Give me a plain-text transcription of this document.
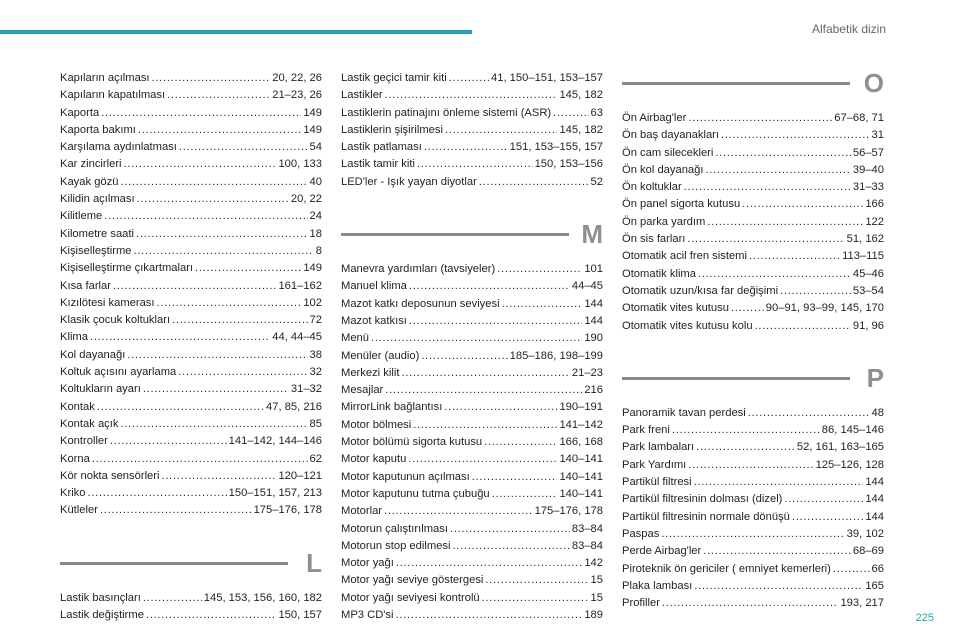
Alfabetik dizin
Kapıların açılması . . .	20, 22, 26
Kapıların kapatılması . . .	21–23, 26
Kaporta . . .	149
Kaporta bakımı . . .	149
Karşılama aydınlatması . . .	54
Kar zincirleri . . .	100, 133
Kayak gözü . . .	40
Kilidin açılması . . .	20, 22
Kilitleme . . .	24
Kilometre saati . . .	18
Kişiselleştirme . . .	8
Kişiselleştirme çıkartmaları . . .	149
Kısa farlar . . .	161–162
Kızılötesi kamerası . . .	102
Klasik çocuk koltukları . . .	72
Klima . . .	44, 44–45
Kol dayanağı . . .	38
Koltuk açısını ayarlama . . .	32
Koltukların ayarı . . .	31–32
Kontak . . .	47, 85, 216
Kontak açık . . .	85
Kontroller . . .	141–142, 144–146
Korna . . .	62
Kör nokta sensörleri . . .	120–121
Kriko . . .	150–151, 157, 213
Kütleler . . .	175–176, 178
L
Lastik basınçları . . .	145, 153, 156, 160, 182
Lastik değiştirme . . .	150, 157
Lastik geçici tamir kiti . . .	41, 150–151, 153–157
Lastikler . . .	145, 182
Lastiklerin patinajını önleme sistemi (ASR) . . .	63
Lastiklerin şişirilmesi . . .	145, 182
Lastik patlaması . . .	151, 153–155, 157
Lastik tamir kiti . . .	150, 153–156
LED'ler - Işık yayan diyotlar . . .	52
M
Manevra yardımları (tavsiyeler) . . .	101
Manuel klima . . .	44–45
Mazot katkı deposunun seviyesi . . .	144
Mazot katkısı . . .	144
Menü . . .	190
Menüler (audio) . . .	185–186, 198–199
Merkezi kilit . . .	21–23
Mesajlar . . .	216
MirrorLink bağlantısı . . .	190–191
Motor bölmesi . . .	141–142
Motor bölümü sigorta kutusu . . .	166, 168
Motor kaputu . . .	140–141
Motor kaputunun açılması . . .	140–141
Motor kaputunu tutma çubuğu . . .	140–141
Motorlar . . .	175–176, 178
Motorun çalıştırılması . . .	83–84
Motorun stop edilmesi . . .	83–84
Motor yağı . . .	142
Motor yağı seviye göstergesi . . .	15
Motor yağı seviyesi kontrolü . . .	15
MP3 CD'si . . .	189
O
Ön Airbag'ler . . .	67–68, 71
Ön baş dayanakları . . .	31
Ön cam silecekleri . . .	56–57
Ön kol dayanağı . . .	39–40
Ön koltuklar . . .	31–33
Ön panel sigorta kutusu . . .	166
Ön parka yardım . . .	122
Ön sis farları . . .	51, 162
Otomatik acil fren sistemi . . .	113–115
Otomatik klima . . .	45–46
Otomatik uzun/kısa far değişimi . . .	53–54
Otomatik vites kutusu . . .	90–91, 93–99, 145, 170
Otomatik vites kutusu kolu . . .	91, 96
P
Panoramik tavan perdesi . . .	48
Park freni . . .	86, 145–146
Park lambaları . . .	52, 161, 163–165
Park Yardımı . . .	125–126, 128
Partikül filtresi . . .	144
Partikül filtresinin dolması (dizel) . . .	144
Partikül filtresinin normale dönüşü . . .	144
Paspas . . .	39, 102
Perde Airbag'ler . . .	68–69
Piroteknik ön gericiler ( emniyet kemerleri) . . .	66
Plaka lambası . . .	165
Profiller . . .	193, 217
225
